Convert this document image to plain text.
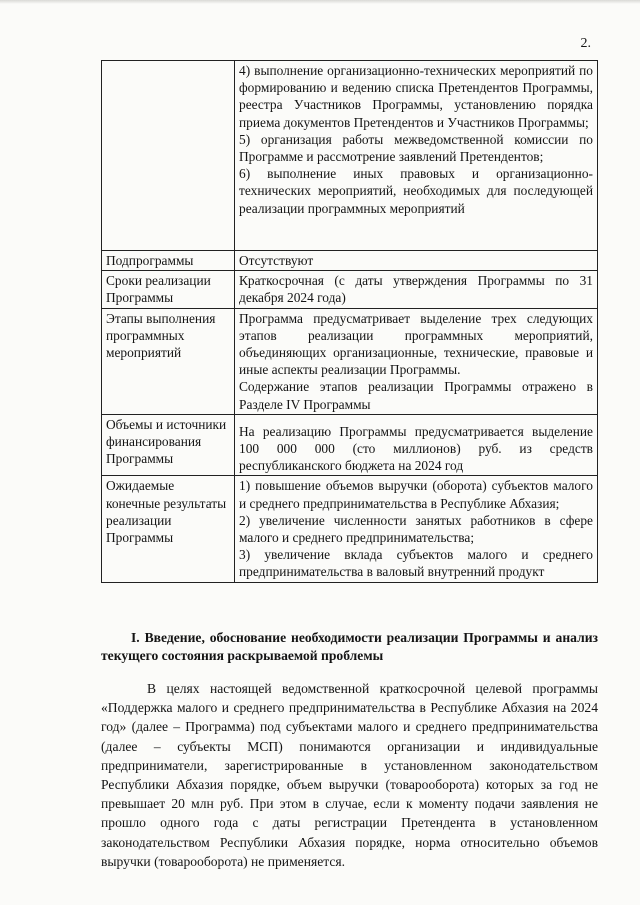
2.

	4) выполнение организационно-технических мероприятий по формированию и ведению списка Претендентов Программы, реестра Участников Программы, установлению порядка приема документов Претендентов и Участников Программы;
5) организация работы межведомственной комиссии по Программе и рассмотрение заявлений Претендентов;
6) выполнение иных правовых и организационно-технических мероприятий, необходимых для последующей реализации программных мероприятий

Подпрограммы	Отсутствуют
Сроки реализации Программы	Краткосрочная (с даты утверждения Программы по 31 декабря 2024 года)
Этапы выполнения программных мероприятий	Программа предусматривает выделение трех следующих этапов реализации программных мероприятий, объединяющих организационные, технические, правовые и иные аспекты реализации Программы.
Содержание этапов реализации Программы отражено в Разделе IV Программы

Объемы и источники финансирования Программы	На реализацию Программы предусматривается выделение 100 000 000 (сто миллионов) руб. из средств республиканского бюджета на 2024 год
Ожидаемые конечные результаты реализации Программы	1) повышение объемов выручки (оборота) субъектов малого и среднего предпринимательства в Республике Абхазия;
2) увеличение численности занятых работников в сфере малого и среднего предпринимательства;
3) увеличение вклада субъектов малого и среднего предпринимательства в валовый внутренний продукт
I. Введение, обоснование необходимости реализации Программы и анализ текущего состояния раскрываемой проблемы

В целях настоящей ведомственной краткосрочной целевой программы «Поддержка малого и среднего предпринимательства в Республике Абхазия на 2024 год» (далее – Программа) под субъектами малого и среднего предпринимательства (далее – субъекты МСП) понимаются организации и индивидуальные предприниматели, зарегистрированные в установленном законодательством Республики Абхазия порядке, объем выручки (товарооборота) которых за год не превышает 20 млн руб. При этом в случае, если к моменту подачи заявления не прошло одного года с даты регистрации Претендента в установленном законодательством Республики Абхазия порядке, норма относительно объемов выручки (товарооборота) не применяется.
